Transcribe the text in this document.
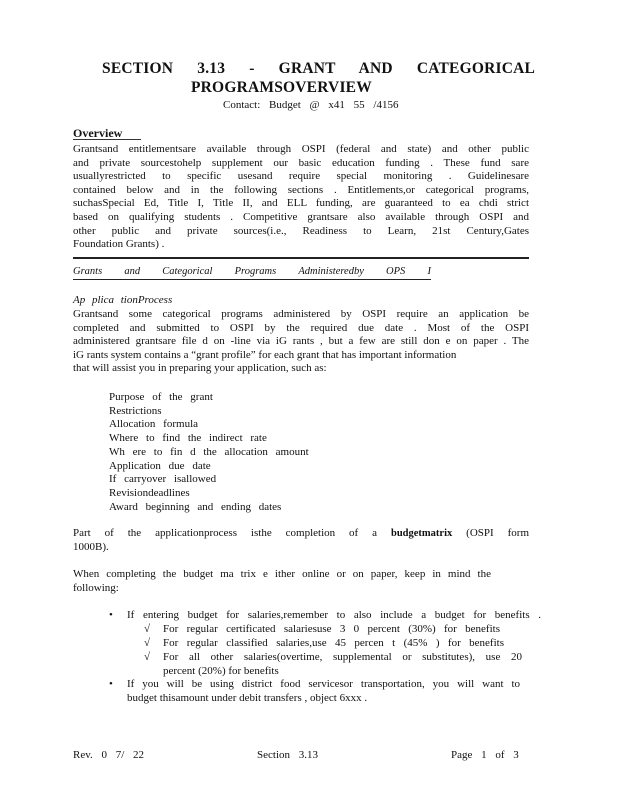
SECTION 3.13 - GRANT AND CATEGORICAL
PROGRAMSOVERVIEW
Contact: Budget @ x41 55 /4156
Overview
Grantsand entitlementsare available through OSPI (federal and state) and other public
and private sourcestohelp supplement our basic education funding . These fund sare
usuallyrestricted to specific usesand require special monitoring . Guidelinesare
contained below and in the following sections . Entitlements,or categorical programs,
suchasSpecial Ed, Title I, Title II, and ELL funding, are guaranteed to ea chdi strict
based on qualifying students . Competitive grantsare also available through OSPI and
other public and private sources(i.e., Readiness to Learn, 21st Century,Gates
Foundation Grants) .
Grants and Categorical Programs Administeredby OPS I
Ap plica tionProcess
Grantsand some categorical programs administered by OSPI require an application be
completed and submitted to OSPI by the required due date . Most of the OSPI
administered grantsare file d on -line via iG rants , but a few are still don e on paper . The
iG rants system contains a “grant profile” for each grant that has important information
that will assist you in preparing your application, such as:
Purpose of the grant
Restrictions
Allocation formula
Where to find the indirect rate
Wh ere to fin d the allocation amount
Application due date
If carryover isallowed
Revisiondeadlines
Award beginning and ending dates
Part of the applicationprocess isthe completion of a budgetmatrix (OSPI form
1000B).
When completing the budget ma trix e ither online or on paper, keep in mind the
following:
• If entering budget for salaries,remember to also include a budget for benefits .
√ For regular certificated salariesuse 3 0 percent (30%) for benefits
√ For regular classified salaries,use 45 percen t (45% ) for benefits
√ For all other salaries(overtime, supplemental or substitutes), use 20
percent (20%) for benefits
• If you will be using district food servicesor transportation, you will want to
budget thisamount under debit transfers , object 6xxx .
Rev. 0 7/ 22	Section 3.13	Page 1 of 3
